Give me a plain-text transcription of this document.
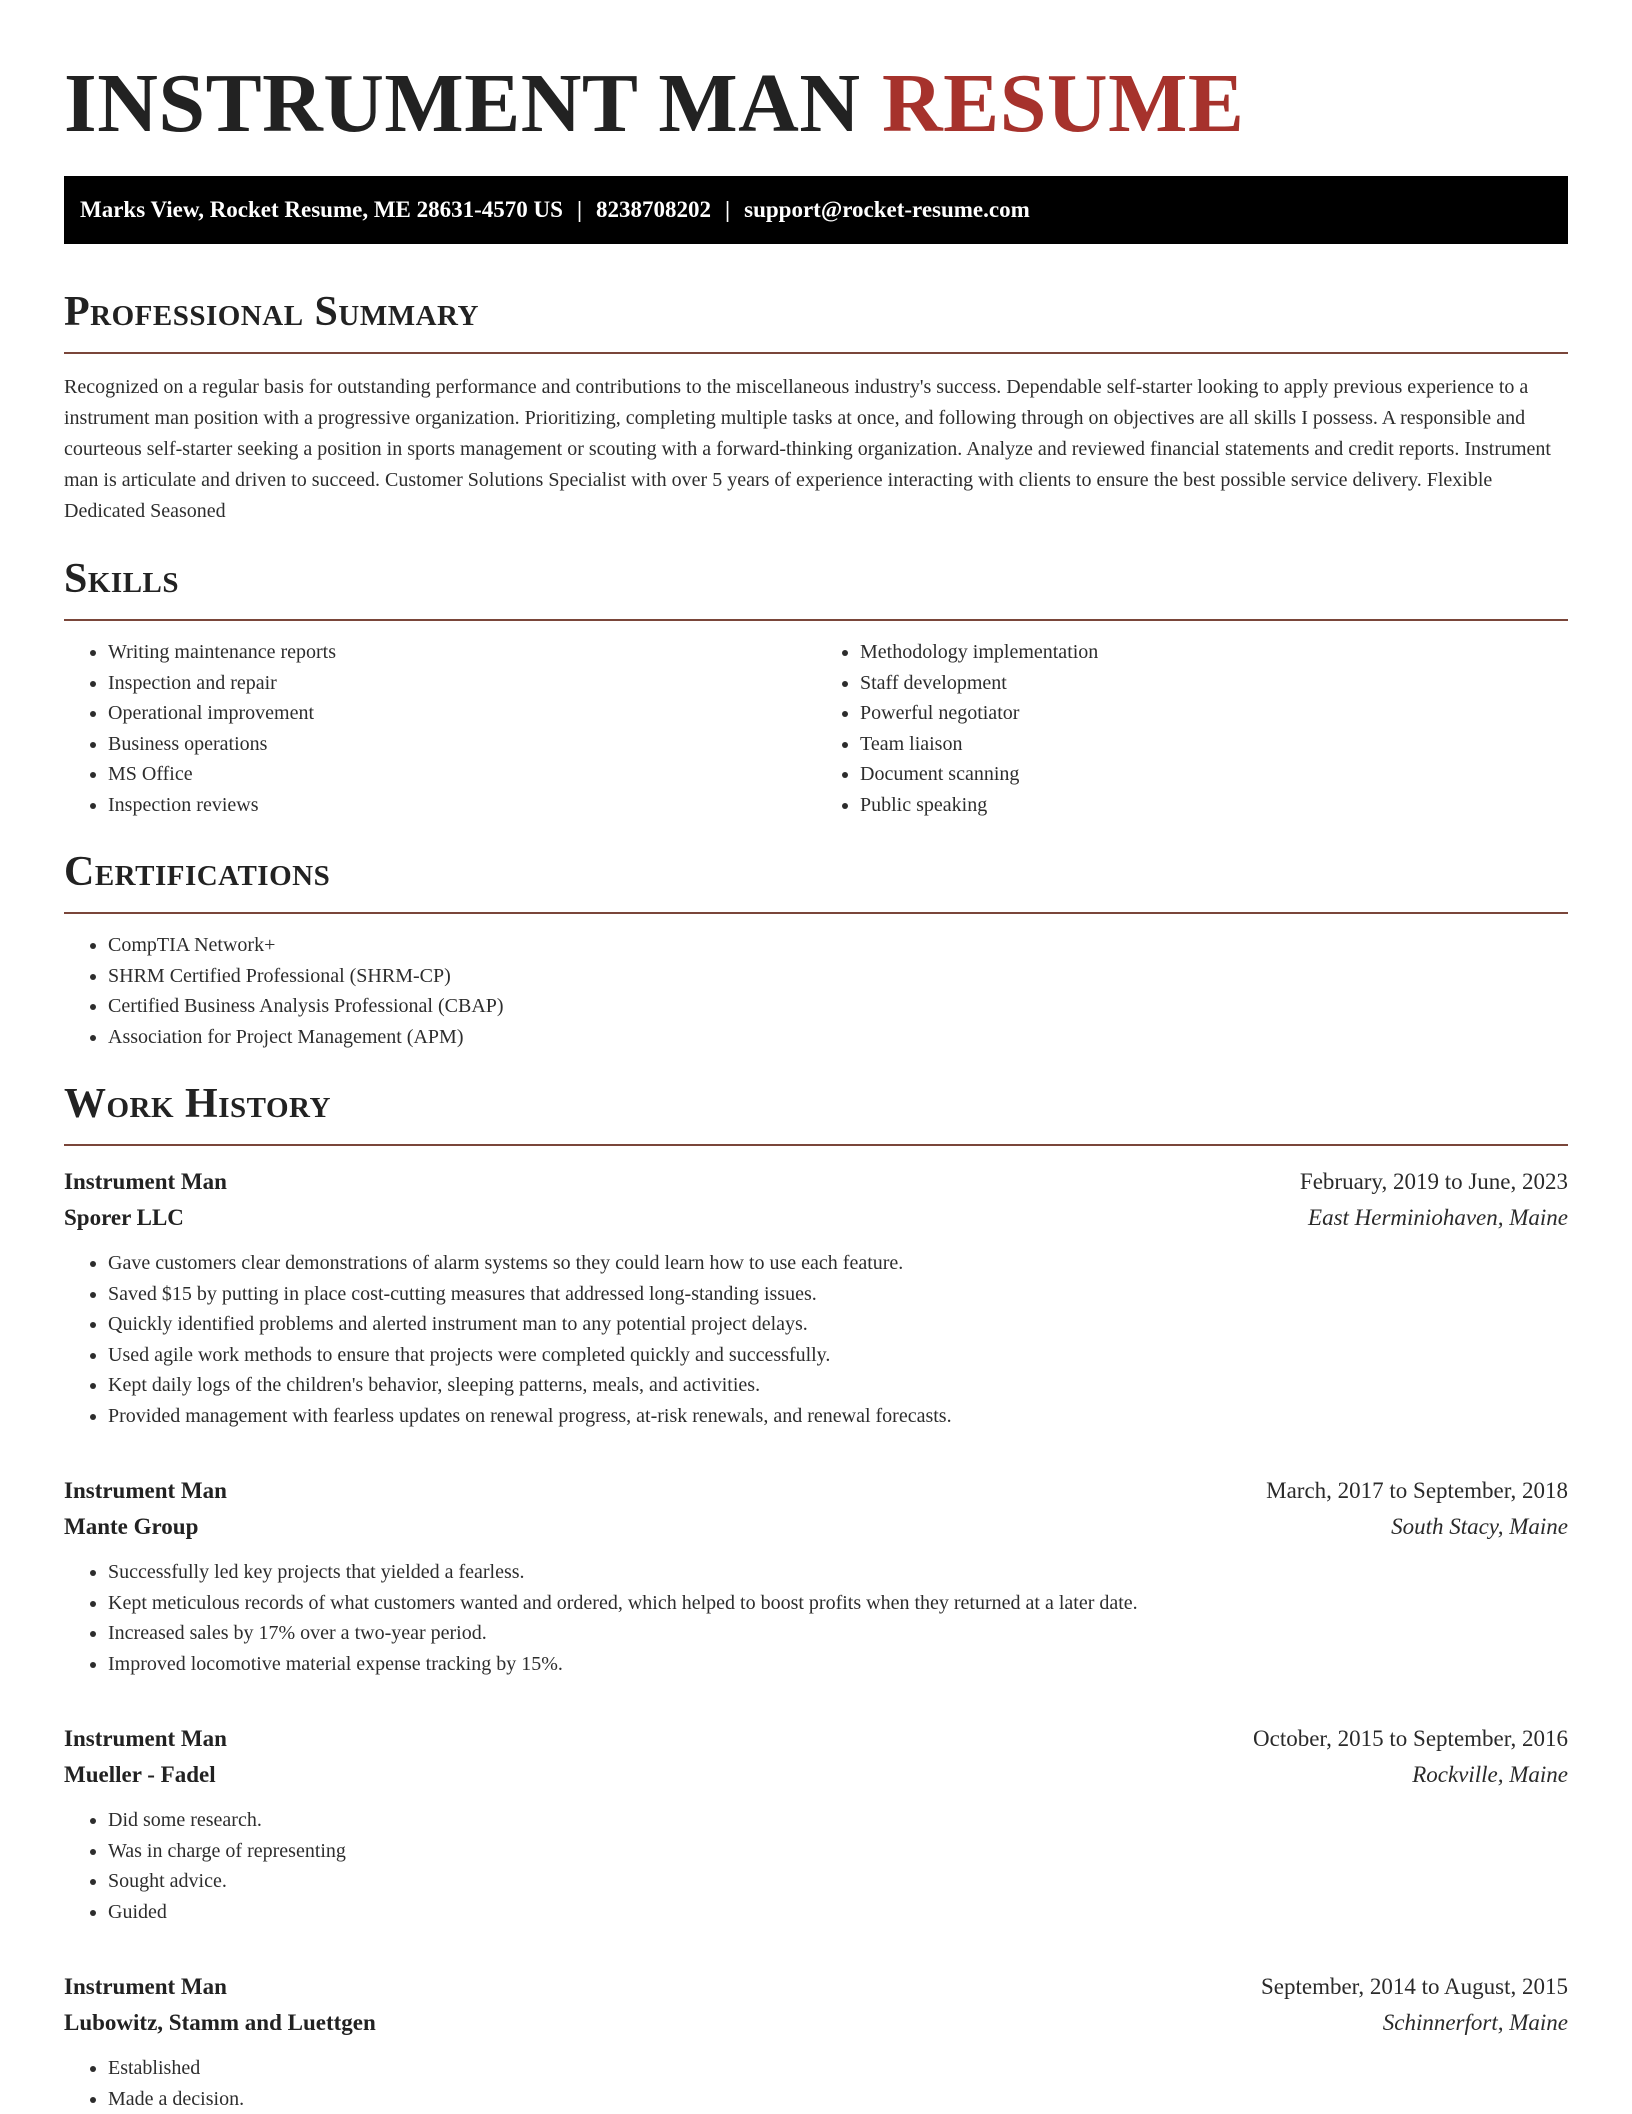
INSTRUMENT MAN RESUME
Marks View, Rocket Resume, ME 28631-4570 US | 8238708202 | support@rocket-resume.com
Professional Summary

Recognized on a regular basis for outstanding performance and contributions to the miscellaneous industry's success. Dependable self-starter looking to apply previous experience to a instrument man position with a progressive organization. Prioritizing, completing multiple tasks at once, and following through on objectives are all skills I possess. A responsible and courteous self-starter seeking a position in sports management or scouting with a forward-thinking organization. Analyze and reviewed financial statements and credit reports. Instrument man is articulate and driven to succeed. Customer Solutions Specialist with over 5 years of experience interacting with clients to ensure the best possible service delivery. Flexible Dedicated Seasoned

Skills
• Writing maintenance reports
• Inspection and repair
• Operational improvement
• Business operations
• MS Office
• Inspection reviews
• Methodology implementation
• Staff development
• Powerful negotiator
• Team liaison
• Document scanning
• Public speaking
Certifications
• CompTIA Network+
• SHRM Certified Professional (SHRM-CP)
• Certified Business Analysis Professional (CBAP)
• Association for Project Management (APM)
Work History
Instrument Man	February, 2019 to June, 2023
Sporer LLC	East Herminiohaven, Maine
• Gave customers clear demonstrations of alarm systems so they could learn how to use each feature.
• Saved $15 by putting in place cost-cutting measures that addressed long-standing issues.
• Quickly identified problems and alerted instrument man to any potential project delays.
• Used agile work methods to ensure that projects were completed quickly and successfully.
• Kept daily logs of the children's behavior, sleeping patterns, meals, and activities.
• Provided management with fearless updates on renewal progress, at-risk renewals, and renewal forecasts.
Instrument Man	March, 2017 to September, 2018
Mante Group	South Stacy, Maine
• Successfully led key projects that yielded a fearless.
• Kept meticulous records of what customers wanted and ordered, which helped to boost profits when they returned at a later date.
• Increased sales by 17% over a two-year period.
• Improved locomotive material expense tracking by 15%.
Instrument Man	October, 2015 to September, 2016
Mueller - Fadel	Rockville, Maine
• Did some research.
• Was in charge of representing
• Sought advice.
• Guided
Instrument Man	September, 2014 to August, 2015
Lubowitz, Stamm and Luettgen	Schinnerfort, Maine
• Established
• Made a decision.
